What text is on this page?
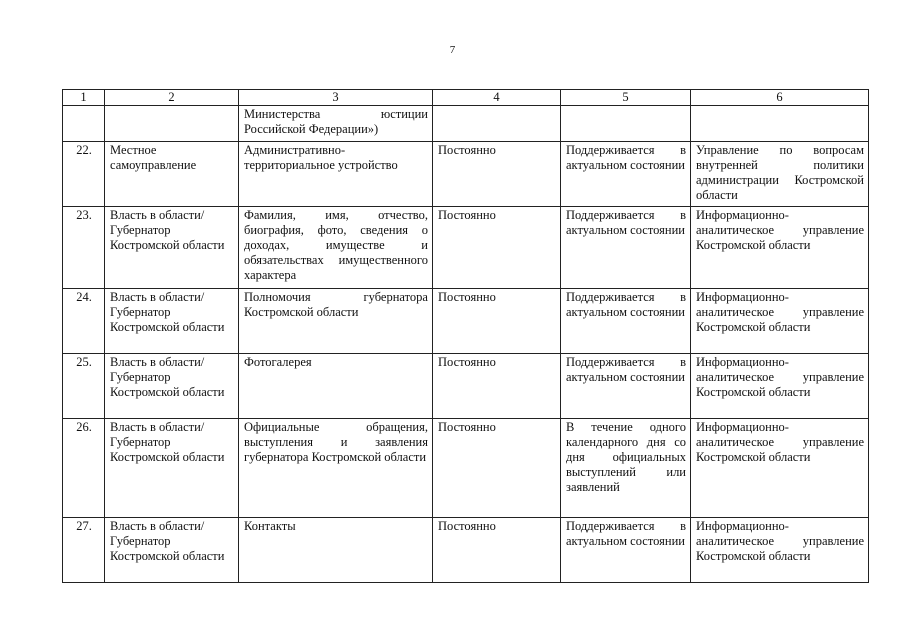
7
1	2	3	4	5	6
		Министерства юстиции Российской Федерации»)			
22.	Местное самоуправление	Административно-территориальное устройство	Постоянно	Поддерживается в актуальном состоянии	Управление по вопросам внутренней политики администрации Костромской области
23.	Власть в области/ Губернатор Костромской области	Фамилия, имя, отчество, биография, фото, сведения о доходах, имуществе и обязательствах имущественного характера	Постоянно	Поддерживается в актуальном состоянии	Информационно-аналитическое управление Костромской области
24.	Власть в области/ Губернатор Костромской области	Полномочия губернатора Костромской области	Постоянно	Поддерживается в актуальном состоянии	Информационно-аналитическое управление Костромской области
25.	Власть в области/ Губернатор Костромской области	Фотогалерея	Постоянно	Поддерживается в актуальном состоянии	Информационно-аналитическое управление Костромской области
26.	Власть в области/ Губернатор Костромской области	Официальные обращения, выступления и заявления губернатора Костромской области	Постоянно	В течение одного календарного дня со дня официальных выступлений или заявлений	Информационно-аналитическое управление Костромской области
27.	Власть в области/ Губернатор Костромской области	Контакты	Постоянно	Поддерживается в актуальном состоянии	Информационно-аналитическое управление Костромской области
